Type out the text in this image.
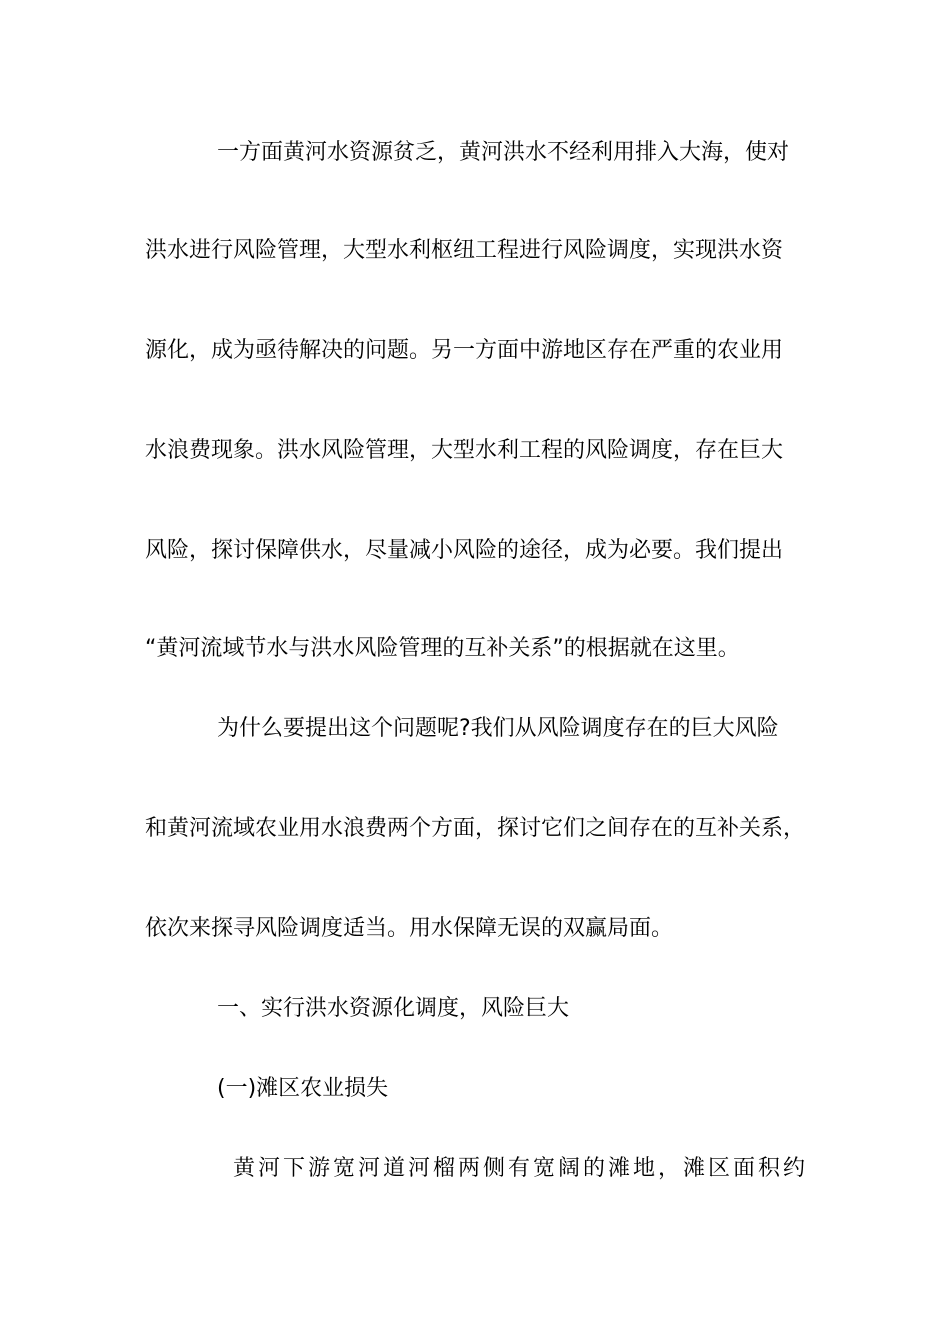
一方面黄河水资源贫乏，黄河洪水不经利用排入大海，使对
洪水进行风险管理，大型水利枢纽工程进行风险调度，实现洪水资
源化，成为亟待解决的问题。另一方面中游地区存在严重的农业用
水浪费现象。洪水风险管理，大型水利工程的风险调度，存在巨大
风险，探讨保障供水，尽量减小风险的途径，成为必要。我们提出
“黄河流域节水与洪水风险管理的互补关系”的根据就在这里。
为什么要提出这个问题呢?我们从风险调度存在的巨大风险
和黄河流域农业用水浪费两个方面，探讨它们之间存在的互补关系，
依次来探寻风险调度适当。用水保障无误的双赢局面。
一、实行洪水资源化调度，风险巨大
(一)滩区农业损失
黄河下游宽河道河榴两侧有宽阔的滩地，滩区面积约
